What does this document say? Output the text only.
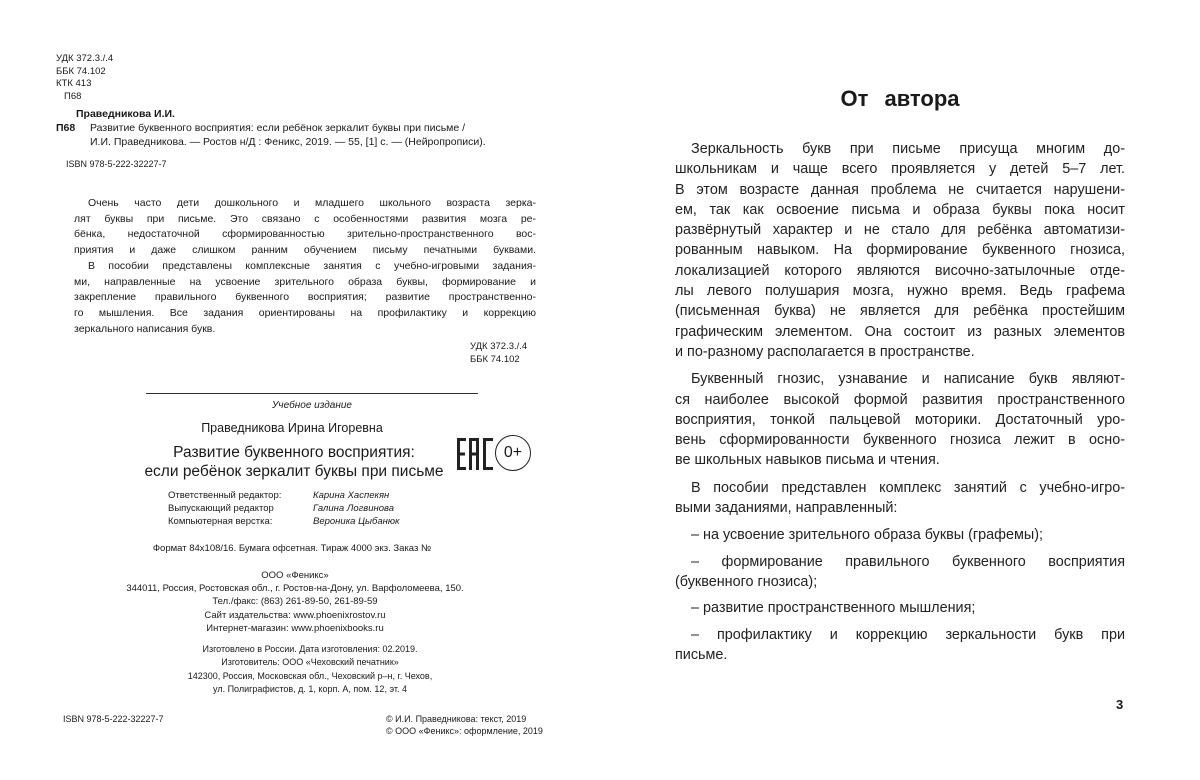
УДК 372.3./.4
ББК 74.102
КТК 413
П68
Праведникова И.И.
П68	Развитие буквенного восприятия: если ребёнок зеркалит буквы при письме /
И.И. Праведникова. — Ростов н/Д : Феникс, 2019. — 55, [1] с. — (Нейропрописи).
ISBN 978-5-222-32227-7
Очень часто дети дошкольного и младшего школьного возраста зерка-
лят буквы при письме. Это связано с особенностями развития мозга ре-
бёнка, недостаточной сформированностью зрительно-пространственного вос-
приятия и даже слишком ранним обучением письму печатными буквами.
В пособии представлены комплексные занятия с учебно-игровыми задания-
ми, направленные на усвоение зрительного образа буквы, формирование и
закрепление правильного буквенного восприятия; развитие пространственно-
го мышления. Все задания ориентированы на профилактику и коррекцию
зеркального написания букв.
УДК 372.3./.4
ББК 74.102
Учебное издание
Праведникова Ирина Игоревна
Развитие буквенного восприятия:
если ребёнок зеркалит буквы при письме
0+
Ответственный редактор:	Карина Хаспекян
Выпускающий редактор	Галина Логвинова
Компьютерная верстка:	Вероника Цыбанюк
Формат 84x108/16. Бумага офсетная. Тираж 4000 экз. Заказ №
ООО «Феникс»
344011, Россия, Ростовская обл., г. Ростов-на-Дону, ул. Варфоломеева, 150.
Тел./факс: (863) 261-89-50, 261-89-59
Сайт издательства: www.phoenixrostov.ru
Интернет-магазин: www.phoenixbooks.ru
Изготовлено в России. Дата изготовления: 02.2019.
Изготовитель: ООО «Чеховский печатник»
142300, Россия, Московская обл., Чеховский р–н, г. Чехов,
ул. Полиграфистов, д. 1, корп. А, пом. 12, эт. 4
ISBN 978-5-222-32227-7	© И.И. Праведникова: текст, 2019
© ООО «Феникс»: оформление, 2019
От автора
Зеркальность букв при письме присуща многим до-
школьникам и чаще всего проявляется у детей 5–7 лет.
В этом возрасте данная проблема не считается нарушени-
ем, так как освоение письма и образа буквы пока носит
развёрнутый характер и не стало для ребёнка автоматизи-
рованным навыком. На формирование буквенного гнозиса,
локализацией которого являются височно-затылочные отде-
лы левого полушария мозга, нужно время. Ведь графема
(письменная буква) не является для ребёнка простейшим
графическим элементом. Она состоит из разных элементов
и по-разному располагается в пространстве.
Буквенный гнозис, узнавание и написание букв являют-
ся наиболее высокой формой развития пространственного
восприятия, тонкой пальцевой моторики. Достаточный уро-
вень сформированности буквенного гнозиса лежит в осно-
ве школьных навыков письма и чтения.
В пособии представлен комплекс занятий с учебно-игро-
выми заданиями, направленный:
– на усвоение зрительного образа буквы (графемы);
– формирование правильного буквенного восприятия
(буквенного гнозиса);
– развитие пространственного мышления;
– профилактику и коррекцию зеркальности букв при
письме.
3
